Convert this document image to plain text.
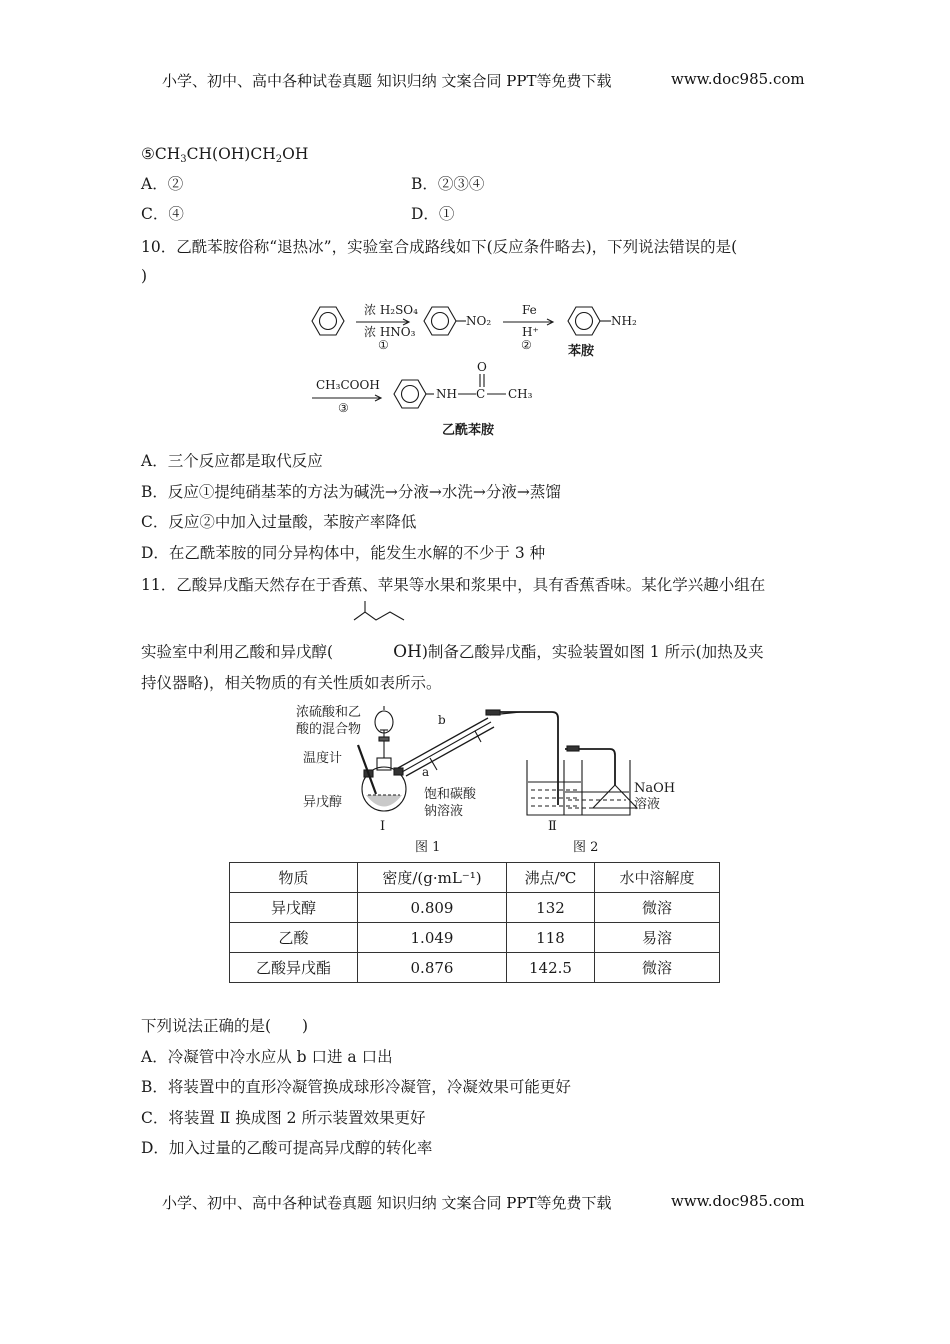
小学、初中、高中各种试卷真题 知识归纳 文案合同 PPT等免费下载	www.doc985.com
$⑤CH_3CH(OH)CH_2OH$
A．②	B．②③④
C．④	D．①
10．乙酰苯胺俗称“退热冰”，实验室合成路线如下(反应条件略去)，下列说法错误的是(
)
浓 H₂SO₄
浓 HNO₃
①
NO₂
Fe
H⁺
②
NH₂
苯胺
CH₃COOH
③
NH C
O
CH₃
乙酰苯胺
A．三个反应都是取代反应
B．反应①提纯硝基苯的方法为碱洗→分液→水洗→分液→蒸馏
C．反应②中加入过量酸，苯胺产率降低
D．在乙酰苯胺的同分异构体中，能发生水解的不少于 3 种
11．乙酸异戊酯天然存在于香蕉、苹果等水果和浆果中，具有香蕉香味。某化学兴趣小组在
实验室中利用乙酸和异戊醇(	OH)制备乙酸异戊酯，实验装置如图 1 所示(加热及夹
持仪器略)，相关物质的有关性质如表所示。
浓硫酸和乙
酸的混合物
温度计
异戊醇
a
b
饱和碳酸
钠溶液
NaOH
溶液
Ⅰ	Ⅱ
图 1	图 2
物质	密度/(g·mL⁻¹)	沸点/℃	水中溶解度
异戊醇	0.809	132	微溶
乙酸	1.049	118	易溶
乙酸异戊酯	0.876	142.5	微溶
下列说法正确的是(　　)
A．冷凝管中冷水应从 b 口进 a 口出
B．将装置中的直形冷凝管换成球形冷凝管，冷凝效果可能更好
C．将装置 Ⅱ 换成图 2 所示装置效果更好
D．加入过量的乙酸可提高异戊醇的转化率
小学、初中、高中各种试卷真题 知识归纳 文案合同 PPT等免费下载	www.doc985.com
